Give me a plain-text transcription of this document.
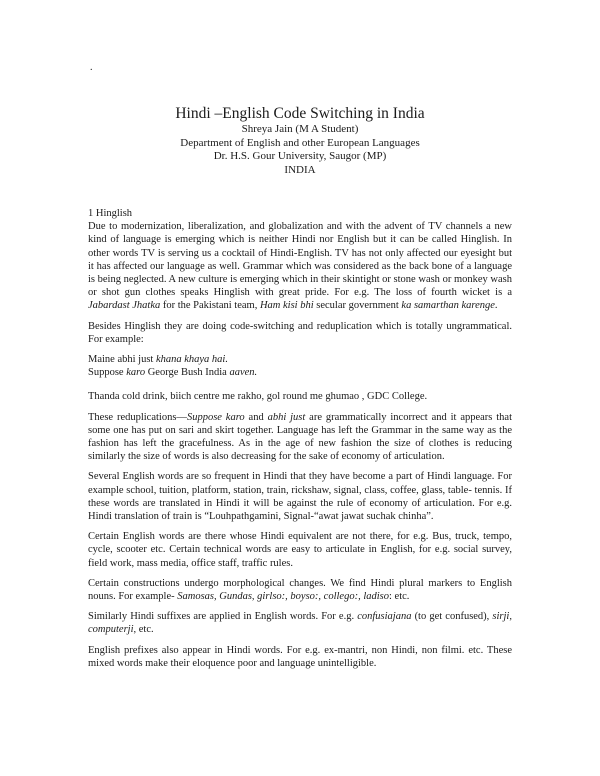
.
Hindi –English Code Switching in India
Shreya Jain (M A Student)
Department of English and other European Languages
Dr. H.S. Gour University, Saugor (MP)
INDIA

1 Hinglish

Due to modernization, liberalization, and globalization and with the advent of TV channels a new kind of language is emerging which is neither Hindi nor English but it can be called Hinglish. In other words TV is serving us a cocktail of Hindi-English. TV has not only affected our eyesight but it has affected our language as well. Grammar which was considered as the back bone of a language is being neglected. A new culture is emerging which in their skintight or stone wash or monkey wash or shot gun clothes speaks Hinglish with great pride. For e.g. The loss of fourth wicket is a Jabardast Jhatka for the Pakistani team, Ham kisi bhi secular government ka samarthan karenge.

Besides Hinglish they are doing code-switching and reduplication which is totally ungrammatical. For example:

Maine abhi just khana khaya hai.

Suppose karo George Bush India aaven.

Thanda cold drink, biich centre me rakho, gol round me ghumao , GDC College.

These reduplications—Suppose karo and abhi just are grammatically incorrect and it appears that some one has put on sari and skirt together. Language has left the Grammar in the same way as the fashion has left the gracefulness. As in the age of new fashion the size of clothes is reducing similarly the size of words is also decreasing for the sake of economy of articulation.

Several English words are so frequent in Hindi that they have become a part of Hindi language. For example school, tuition, platform, station, train, rickshaw, signal, class, coffee, glass, table- tennis. If these words are translated in Hindi it will be against the rule of economy of articulation. For e.g. Hindi translation of train is “Louhpathgamini, Signal-“awat jawat suchak chinha”.

Certain English words are there whose Hindi equivalent are not there, for e.g. Bus, truck, tempo, cycle, scooter etc. Certain technical words are easy to articulate in English, for e.g. social survey, field work, mass media, office staff, traffic rules.

Certain constructions undergo morphological changes. We find Hindi plural markers to English nouns. For example- Samosas, Gundas, girlso:, boyso:, collego:, ladiso: etc.

Similarly Hindi suffixes are applied in English words. For e.g. confusiajana (to get confused), sirji, computerji, etc.

English prefixes also appear in Hindi words. For e.g. ex-mantri, non Hindi, non filmi. etc. These mixed words make their eloquence poor and language unintelligible.
